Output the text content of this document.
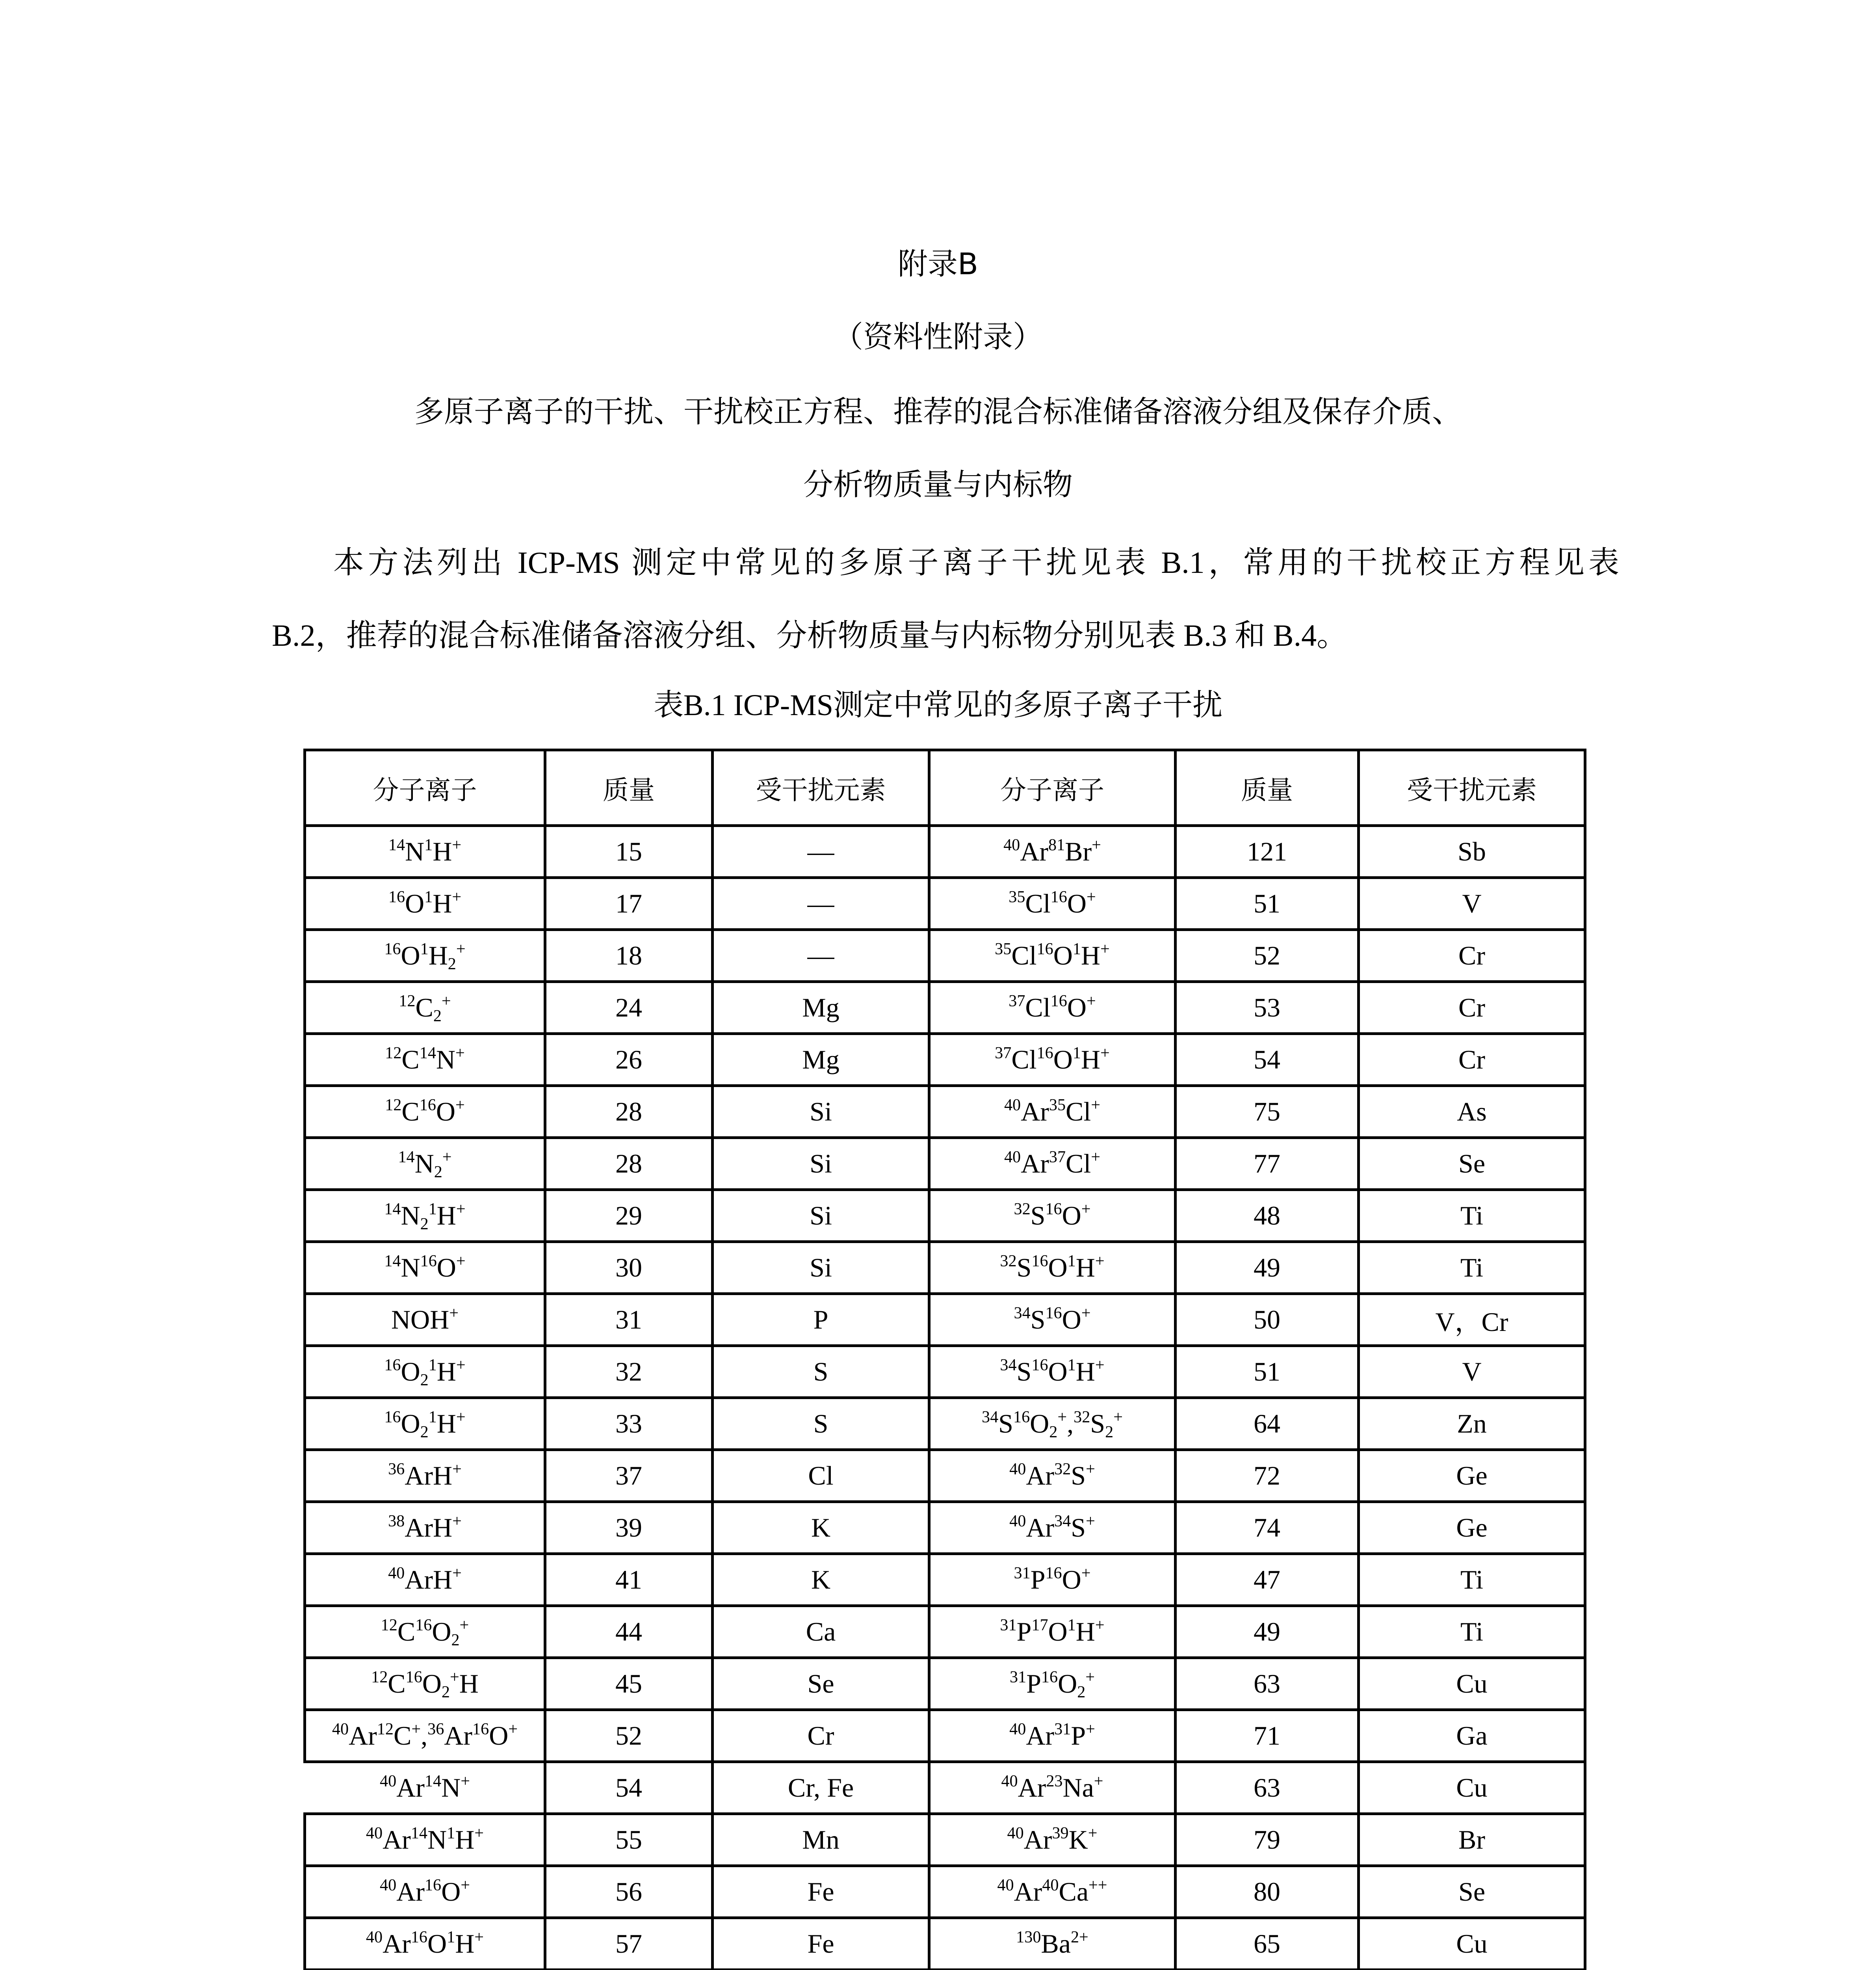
附录B
（资料性附录）
多原子离子的干扰、干扰校正方程、推荐的混合标准储备溶液分组及保存介质、
分析物质量与内标物
本方法列出 ICP-MS 测定中常见的多原子离子干扰见表 B.1，常用的干扰校正方程见表
B.2，推荐的混合标准储备溶液分组、分析物质量与内标物分别见表 B.3 和 B.4。
表B.1 ICP-MS测定中常见的多原子离子干扰
分子离子	质量	受干扰元素	分子离子	质量	受干扰元素
$^{14}N^1H^+$	15	—	$^{40}$Ar$^{81}$Br+	121	Sb
$^{16}O^1H^+$	17	—	$^{35}$Cl$^{16}$O+	51	V
$^{16}O^1H_2^+$	18	—	$^{35}Cl^{16}O^1H^+$	52	Cr
$^{12}C_2^+$	24	Mg	$^{37}$Cl$^{16}$O+	53	Cr
$^{12}C^{14}N^+$	26	Mg	$^{37}Cl^{16}O^1H^+$	54	Cr
$^{12}C^{16}O^+$	28	Si	$^{40}$Ar$^{35}$Cl+	75	As
$^{14}N_2^+$	28	Si	$^{40}$Ar$^{37}$Cl+	77	Se
$^{14}N_2^1H^+$	29	Si	$^{32}S^{16}O^+$	48	Ti
$^{14}N^{16}O^+$	30	Si	$^{32}S^{16}O^1H^+$	49	Ti
NOH+	31	P	$^{34}S^{16}O^+$	50	V，Cr
$^{16}O_2^1H^+$	32	S	$^{34}S^{16}O^1H^+$	51	V
$^{16}O_2^1H^+$	33	S	$^{34}S^{16}O_2^+,^{32}S_2^+$	64	Zn
$^{36}$ArH+	37	Cl	$^{40}$Ar$^{32}$S+	72	Ge
$^{38}$ArH+	39	K	$^{40}$Ar$^{34}$S+	74	Ge
$^{40}$ArH+	41	K	$^{31}P^{16}O^+$	47	Ti
$^{12}C^{16}O_2^+$	44	Ca	$^{31}P^{17}O^1H^+$	49	Ti
$^{12}C^{16}O_2^+H$	45	Se	$^{31}P^{16}O_2^+$	63	Cu
$^{40}$Ar$^{12}$C+,$^{36}$Ar$^{16}$O+	52	Cr	$^{40}$Ar$^{31}$P+	71	Ga
$^{40}$Ar$^{14}$N+	54	Cr, Fe	$^{40}$Ar$^{23}$Na+	63	Cu
$^{40}Ar^{14}N^1H^+$	55	Mn	$^{40}$Ar$^{39}$K+	79	Br
$^{40}$Ar$^{16}$O+	56	Fe	$^{40}$Ar$^{40}$Ca++	80	Se
$^{40}Ar^{16}O^1H^+$	57	Fe	$^{130}Ba^{2+}$	65	Cu
